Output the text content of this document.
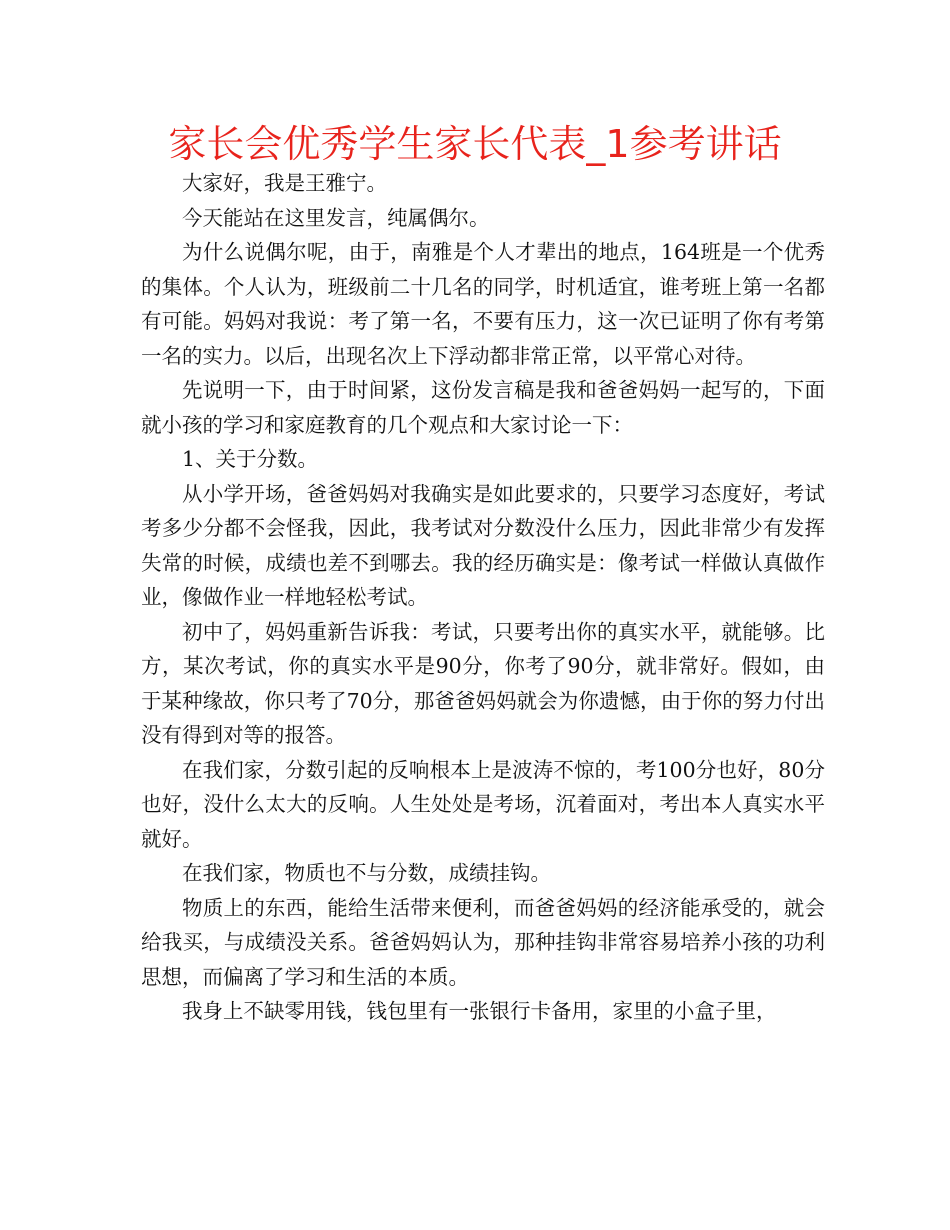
家长会优秀学生家长代表_1参考讲话

大家好，我是王雅宁。

今天能站在这里发言，纯属偶尔。

为什么说偶尔呢，由于，南雅是个人才辈出的地点，164班是一个优秀的集体。个人认为，班级前二十几名的同学，时机适宜，谁考班上第一名都有可能。妈妈对我说：考了第一名，不要有压力，这一次已证明了你有考第一名的实力。以后，出现名次上下浮动都非常正常，以平常心对待。

先说明一下，由于时间紧，这份发言稿是我和爸爸妈妈一起写的，下面就小孩的学习和家庭教育的几个观点和大家讨论一下：

1、关于分数。

从小学开场，爸爸妈妈对我确实是如此要求的，只要学习态度好，考试考多少分都不会怪我，因此，我考试对分数没什么压力，因此非常少有发挥失常的时候，成绩也差不到哪去。我的经历确实是：像考试一样做认真做作业，像做作业一样地轻松考试。

初中了，妈妈重新告诉我：考试，只要考出你的真实水平，就能够。比方，某次考试，你的真实水平是90分，你考了90分，就非常好。假如，由于某种缘故，你只考了70分，那爸爸妈妈就会为你遗憾，由于你的努力付出没有得到对等的报答。

在我们家，分数引起的反响根本上是波涛不惊的，考100分也好，80分也好，没什么太大的反响。人生处处是考场，沉着面对，考出本人真实水平就好。

在我们家，物质也不与分数，成绩挂钩。

物质上的东西，能给生活带来便利，而爸爸妈妈的经济能承受的，就会给我买，与成绩没关系。爸爸妈妈认为，那种挂钩非常容易培养小孩的功利思想，而偏离了学习和生活的本质。

我身上不缺零用钱，钱包里有一张银行卡备用，家里的小盒子里，
